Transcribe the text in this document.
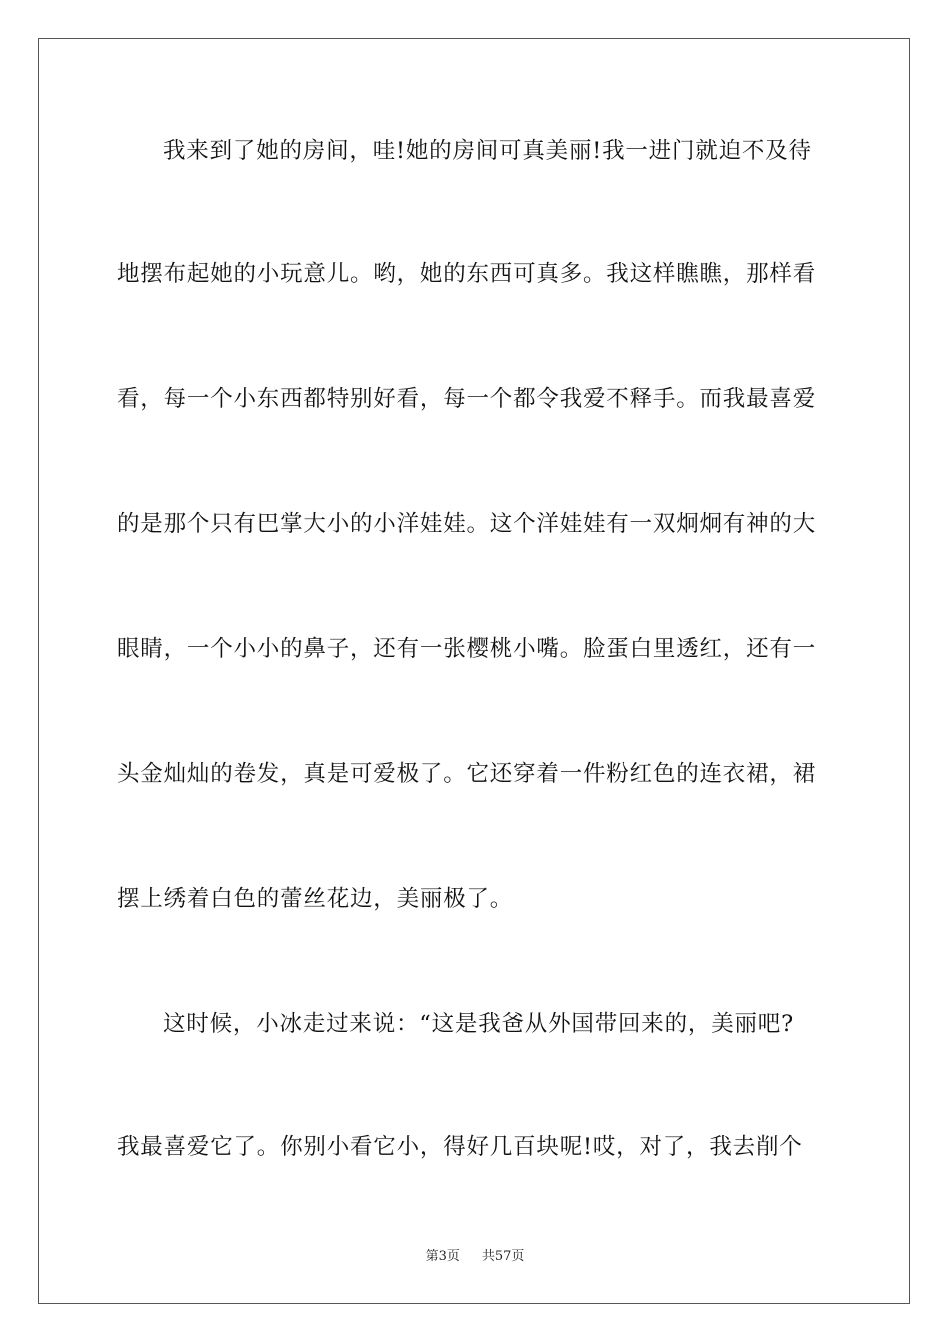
我来到了她的房间，哇!她的房间可真美丽!我一进门就迫不及待
地摆布起她的小玩意儿。哟，她的东西可真多。我这样瞧瞧，那样看
看，每一个小东西都特别好看，每一个都令我爱不释手。而我最喜爱
的是那个只有巴掌大小的小洋娃娃。这个洋娃娃有一双炯炯有神的大
眼睛，一个小小的鼻子，还有一张樱桃小嘴。脸蛋白里透红，还有一
头金灿灿的卷发，真是可爱极了。它还穿着一件粉红色的连衣裙，裙
摆上绣着白色的蕾丝花边，美丽极了。
这时候，小冰走过来说：“这是我爸从外国带回来的，美丽吧?
我最喜爱它了。你别小看它小，得好几百块呢!哎，对了，我去削个
第3页 共57页
